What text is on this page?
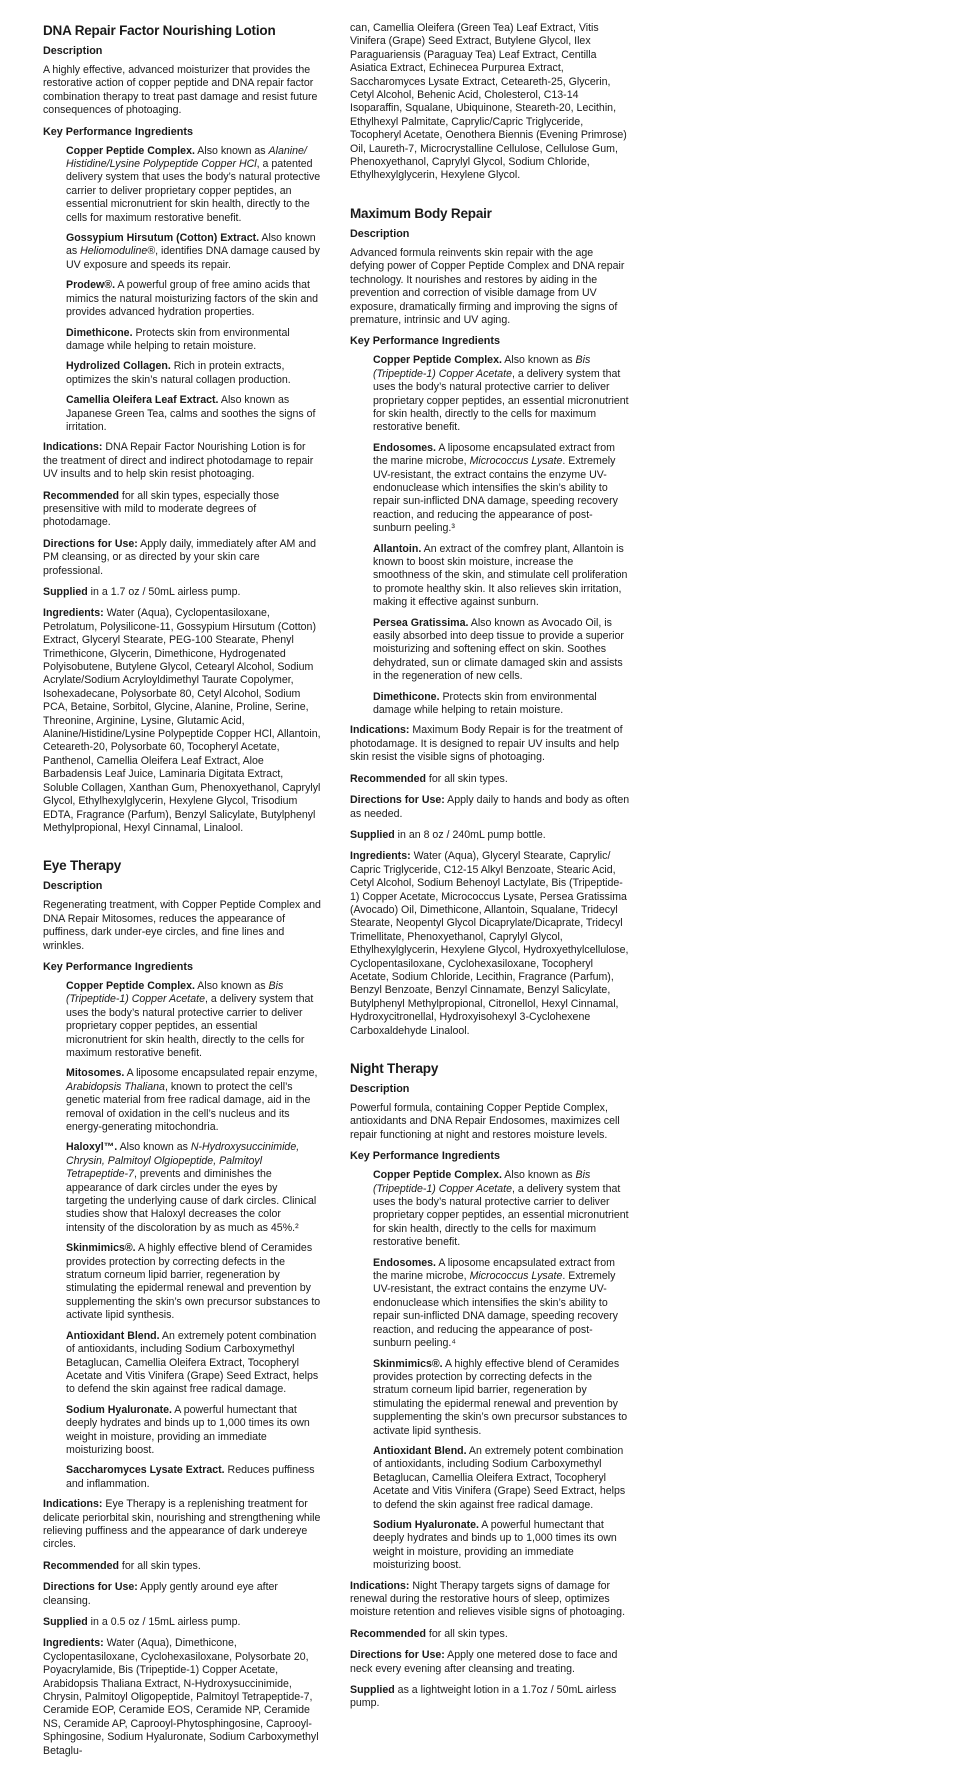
DNA Repair Factor Nourishing Lotion
Description

A highly effective, advanced moisturizer that provides the restorative action of copper peptide and DNA repair factor combination therapy to treat past damage and resist future consequences of photoaging.

Key Performance Ingredients

Copper Peptide Complex. Also known as Alanine/ Histidine/Lysine Polypeptide Copper HCl, a patented delivery system that uses the body’s natural protective carrier to deliver proprietary copper peptides, an essential micronutrient for skin health, directly to the cells for maximum restorative benefit.

Gossypium Hirsutum (Cotton) Extract. Also known as Heliomoduline®, identifies DNA damage caused by UV exposure and speeds its repair.

Prodew®. A powerful group of free amino acids that mimics the natural moisturizing factors of the skin and provides advanced hydration properties.

Dimethicone. Protects skin from environmental damage while helping to retain moisture.

Hydrolized Collagen. Rich in protein extracts, optimizes the skin’s natural collagen production.

Camellia Oleifera Leaf Extract. Also known as Japanese Green Tea, calms and soothes the signs of irritation.

Indications: DNA Repair Factor Nourishing Lotion is for the treatment of direct and indirect photodamage to repair UV insults and to help skin resist photoaging.

Recommended for all skin types, especially those presensitive with mild to moderate degrees of photodamage.

Directions for Use: Apply daily, immediately after AM and PM cleansing, or as directed by your skin care professional.

Supplied in a 1.7 oz / 50mL airless pump.

Ingredients: Water (Aqua), Cyclopentasiloxane, Petrolatum, Polysilicone-11, Gossypium Hirsutum (Cotton) Extract, Glyceryl Stearate, PEG-100 Stearate, Phenyl Trimethicone, Glycerin, Dimethicone, Hydrogenated Polyisobutene, Butylene Glycol, Cetearyl Alcohol, Sodium Acrylate/Sodium Acryloyldimethyl Taurate Copolymer, Isohexadecane, Polysorbate 80, Cetyl Alcohol, Sodium PCA, Betaine, Sorbitol, Glycine, Alanine, Proline, Serine, Threonine, Arginine, Lysine, Glutamic Acid, Alanine/Histidine/Lysine Polypeptide Copper HCl, Allantoin, Ceteareth-20, Polysorbate 60, Tocopheryl Acetate, Panthenol, Camellia Oleifera Leaf Extract, Aloe Barbadensis Leaf Juice, Laminaria Digitata Extract, Soluble Collagen, Xanthan Gum, Phenoxyethanol, Caprylyl Glycol, Ethylhexylglycerin, Hexylene Glycol, Trisodium EDTA, Fragrance (Parfum), Benzyl Salicylate, Butylphenyl Methylpropional, Hexyl Cinnamal, Linalool.

Eye Therapy
Description

Regenerating treatment, with Copper Peptide Complex and DNA Repair Mitosomes, reduces the appearance of puffiness, dark under-eye circles, and fine lines and wrinkles.

Key Performance Ingredients

Copper Peptide Complex. Also known as Bis (Tripeptide-1) Copper Acetate, a delivery system that uses the body’s natural protective carrier to deliver proprietary copper peptides, an essential micronutrient for skin health, directly to the cells for maximum restorative benefit.

Mitosomes. A liposome encapsulated repair enzyme, Arabidopsis Thaliana, known to protect the cell’s genetic material from free radical damage, aid in the removal of oxidation in the cell’s nucleus and its energy-generating mitochondria.

Haloxyl™. Also known as N-Hydroxysuccinimide, Chrysin, Palmitoyl Olgiopeptide, Palmitoyl Tetrapeptide-7, prevents and diminishes the appearance of dark circles under the eyes by targeting the underlying cause of dark circles. Clinical studies show that Haloxyl decreases the color intensity of the discoloration by as much as 45%.²

Skinmimics®. A highly effective blend of Ceramides provides protection by correcting defects in the stratum corneum lipid barrier, regeneration by stimulating the epidermal renewal and prevention by supplementing the skin’s own precursor substances to activate lipid synthesis.

Antioxidant Blend. An extremely potent combination of antioxidants, including Sodium Carboxymethyl Betaglucan, Camellia Oleifera Extract, Tocopheryl Acetate and Vitis Vinifera (Grape) Seed Extract, helps to defend the skin against free radical damage.

Sodium Hyaluronate. A powerful humectant that deeply hydrates and binds up to 1,000 times its own weight in moisture, providing an immediate moisturizing boost.

Saccharomyces Lysate Extract. Reduces puffiness and inflammation.

Indications: Eye Therapy is a replenishing treatment for delicate periorbital skin, nourishing and strengthening while relieving puffiness and the appearance of dark undereye circles.

Recommended for all skin types.

Directions for Use: Apply gently around eye after cleansing.

Supplied in a 0.5 oz / 15mL airless pump.

Ingredients: Water (Aqua), Dimethicone, Cyclopentasiloxane, Cyclohexasiloxane, Polysorbate 20, Poyacrylamide, Bis (Tripeptide-1) Copper Acetate, Arabidopsis Thaliana Extract, N-Hydroxysuccinimide, Chrysin, Palmitoyl Oligopeptide, Palmitoyl Tetrapeptide-7, Ceramide EOP, Ceramide EOS, Ceramide NP, Ceramide NS, Ceramide AP, Caprooyl-Phytosphingosine, Caprooyl-Sphingosine, Sodium Hyaluronate, Sodium Carboxymethyl Betaglu-

can, Camellia Oleifera (Green Tea) Leaf Extract, Vitis Vinifera (Grape) Seed Extract, Butylene Glycol, Ilex Paraguariensis (Paraguay Tea) Leaf Extract, Centilla Asiatica Extract, Echinecea Purpurea Extract, Saccharomyces Lysate Extract, Ceteareth-25, Glycerin, Cetyl Alcohol, Behenic Acid, Cholesterol, C13-14 Isoparaffin, Squalane, Ubiquinone, Steareth-20, Lecithin, Ethylhexyl Palmitate, Caprylic/Capric Triglyceride, Tocopheryl Acetate, Oenothera Biennis (Evening Primrose) Oil, Laureth-7, Microcrystalline Cellulose, Cellulose Gum, Phenoxyethanol, Caprylyl Glycol, Sodium Chloride, Ethylhexylglycerin, Hexylene Glycol.

Maximum Body Repair
Description

Advanced formula reinvents skin repair with the age defying power of Copper Peptide Complex and DNA repair technology. It nourishes and restores by aiding in the prevention and correction of visible damage from UV exposure, dramatically firming and improving the signs of premature, intrinsic and UV aging.

Key Performance Ingredients

Copper Peptide Complex. Also known as Bis (Tripeptide-1) Copper Acetate, a delivery system that uses the body’s natural protective carrier to deliver proprietary copper peptides, an essential micronutrient for skin health, directly to the cells for maximum restorative benefit.

Endosomes. A liposome encapsulated extract from the marine microbe, Micrococcus Lysate. Extremely UV-resistant, the extract contains the enzyme UV-endonuclease which intensifies the skin’s ability to repair sun-inflicted DNA damage, speeding recovery reaction, and reducing the appearance of post-sunburn peeling.³

Allantoin. An extract of the comfrey plant, Allantoin is known to boost skin moisture, increase the smoothness of the skin, and stimulate cell proliferation to promote healthy skin. It also relieves skin irritation, making it effective against sunburn.

Persea Gratissima. Also known as Avocado Oil, is easily absorbed into deep tissue to provide a superior moisturizing and softening effect on skin. Soothes dehydrated, sun or climate damaged skin and assists in the regeneration of new cells.

Dimethicone. Protects skin from environmental damage while helping to retain moisture.

Indications: Maximum Body Repair is for the treatment of photodamage. It is designed to repair UV insults and help skin resist the visible signs of photoaging.

Recommended for all skin types.

Directions for Use: Apply daily to hands and body as often as needed.

Supplied in an 8 oz / 240mL pump bottle.

Ingredients: Water (Aqua), Glyceryl Stearate, Caprylic/ Capric Triglyceride, C12-15 Alkyl Benzoate, Stearic Acid, Cetyl Alcohol, Sodium Behenoyl Lactylate, Bis (Tripeptide-1) Copper Acetate, Micrococcus Lysate, Persea Gratissima (Avocado) Oil, Dimethicone, Allantoin, Squalane, Tridecyl Stearate, Neopentyl Glycol Dicaprylate/Dicaprate, Tridecyl Trimellitate, Phenoxyethanol, Caprylyl Glycol, Ethylhexylglycerin, Hexylene Glycol, Hydroxyethylcellulose, Cyclopentasiloxane, Cyclohexasiloxane, Tocopheryl Acetate, Sodium Chloride, Lecithin, Fragrance (Parfum), Benzyl Benzoate, Benzyl Cinnamate, Benzyl Salicylate, Butylphenyl Methylpropional, Citronellol, Hexyl Cinnamal, Hydroxycitronellal, Hydroxyisohexyl 3-Cyclohexene Carboxaldehyde Linalool.

Night Therapy
Description

Powerful formula, containing Copper Peptide Complex, antioxidants and DNA Repair Endosomes, maximizes cell repair functioning at night and restores moisture levels.

Key Performance Ingredients

Copper Peptide Complex. Also known as Bis (Tripeptide-1) Copper Acetate, a delivery system that uses the body’s natural protective carrier to deliver proprietary copper peptides, an essential micronutrient for skin health, directly to the cells for maximum restorative benefit.

Endosomes. A liposome encapsulated extract from the marine microbe, Micrococcus Lysate. Extremely UV-resistant, the extract contains the enzyme UV-endonuclease which intensifies the skin’s ability to repair sun-inflicted DNA damage, speeding recovery reaction, and reducing the appearance of post-sunburn peeling.⁴

Skinmimics®. A highly effective blend of Ceramides provides protection by correcting defects in the stratum corneum lipid barrier, regeneration by stimulating the epidermal renewal and prevention by supplementing the skin’s own precursor substances to activate lipid synthesis.

Antioxidant Blend. An extremely potent combination of antioxidants, including Sodium Carboxymethyl Betaglucan, Camellia Oleifera Extract, Tocopheryl Acetate and Vitis Vinifera (Grape) Seed Extract, helps to defend the skin against free radical damage.

Sodium Hyaluronate. A powerful humectant that deeply hydrates and binds up to 1,000 times its own weight in moisture, providing an immediate moisturizing boost.

Indications: Night Therapy targets signs of damage for renewal during the restorative hours of sleep, optimizes moisture retention and relieves visible signs of photoaging.

Recommended for all skin types.

Directions for Use: Apply one metered dose to face and neck every evening after cleansing and treating.

Supplied as a lightweight lotion in a 1.7oz / 50mL airless pump.
